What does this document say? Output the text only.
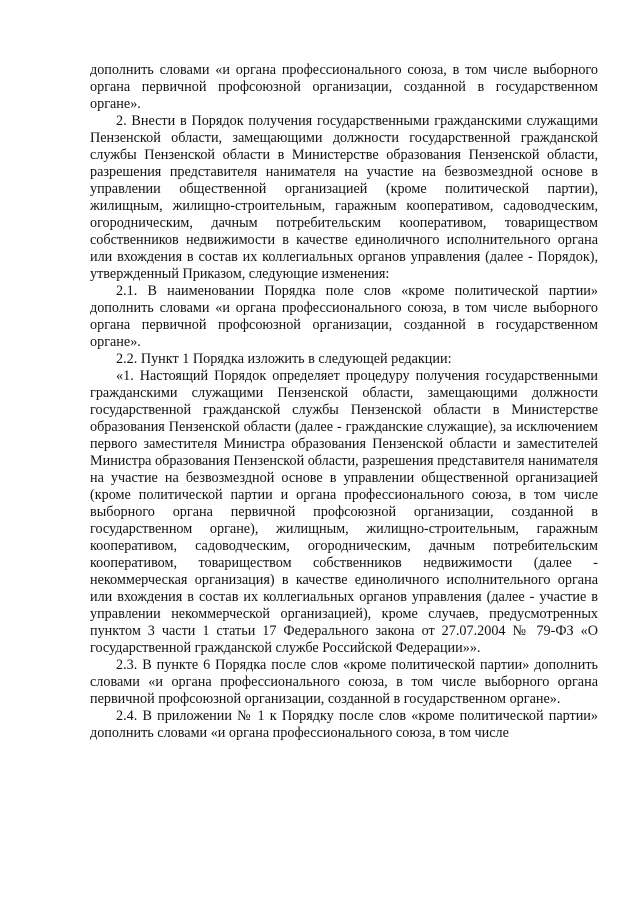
дополнить словами «и органа профессионального союза, в том числе выборного органа первичной профсоюзной организации, созданной в государственном органе».

2. Внести в Порядок получения государственными гражданскими служащими Пензенской области, замещающими должности государственной гражданской службы Пензенской области в Министерстве образования Пензенской области, разрешения представителя нанимателя на участие на безвозмездной основе в управлении общественной организацией (кроме политической партии), жилищным, жилищно-строительным, гаражным кооперативом, садоводческим, огородническим, дачным потребительским кооперативом, товариществом собственников недвижимости в качестве единоличного исполнительного органа или вхождения в состав их коллегиальных органов управления (далее - Порядок), утвержденный Приказом, следующие изменения:

2.1. В наименовании Порядка поле слов «кроме политической партии» дополнить словами «и органа профессионального союза, в том числе выборного органа первичной профсоюзной организации, созданной в государственном органе».

2.2. Пункт 1 Порядка изложить в следующей редакции:

«1. Настоящий Порядок определяет процедуру получения государственными гражданскими служащими Пензенской области, замещающими должности государственной гражданской службы Пензенской области в Министерстве образования Пензенской области (далее - гражданские служащие), за исключением первого заместителя Министра образования Пензенской области и заместителей Министра образования Пензенской области, разрешения представителя нанимателя на участие на безвозмездной основе в управлении общественной организацией (кроме политической партии и органа профессионального союза, в том числе выборного органа первичной профсоюзной организации, созданной в государственном органе), жилищным, жилищно-строительным, гаражным кооперативом, садоводческим, огородническим, дачным потребительским кооперативом, товариществом собственников недвижимости (далее - некоммерческая организация) в качестве единоличного исполнительного органа или вхождения в состав их коллегиальных органов управления (далее - участие в управлении некоммерческой организацией), кроме случаев, предусмотренных пунктом 3 части 1 статьи 17 Федерального закона от 27.07.2004 № 79-ФЗ «О государственной гражданской службе Российской Федерации»».

2.3. В пункте 6 Порядка после слов «кроме политической партии» дополнить словами «и органа профессионального союза, в том числе выборного органа первичной профсоюзной организации, созданной в государственном органе».

2.4. В приложении № 1 к Порядку после слов «кроме политической партии» дополнить словами «и органа профессионального союза, в том числе
